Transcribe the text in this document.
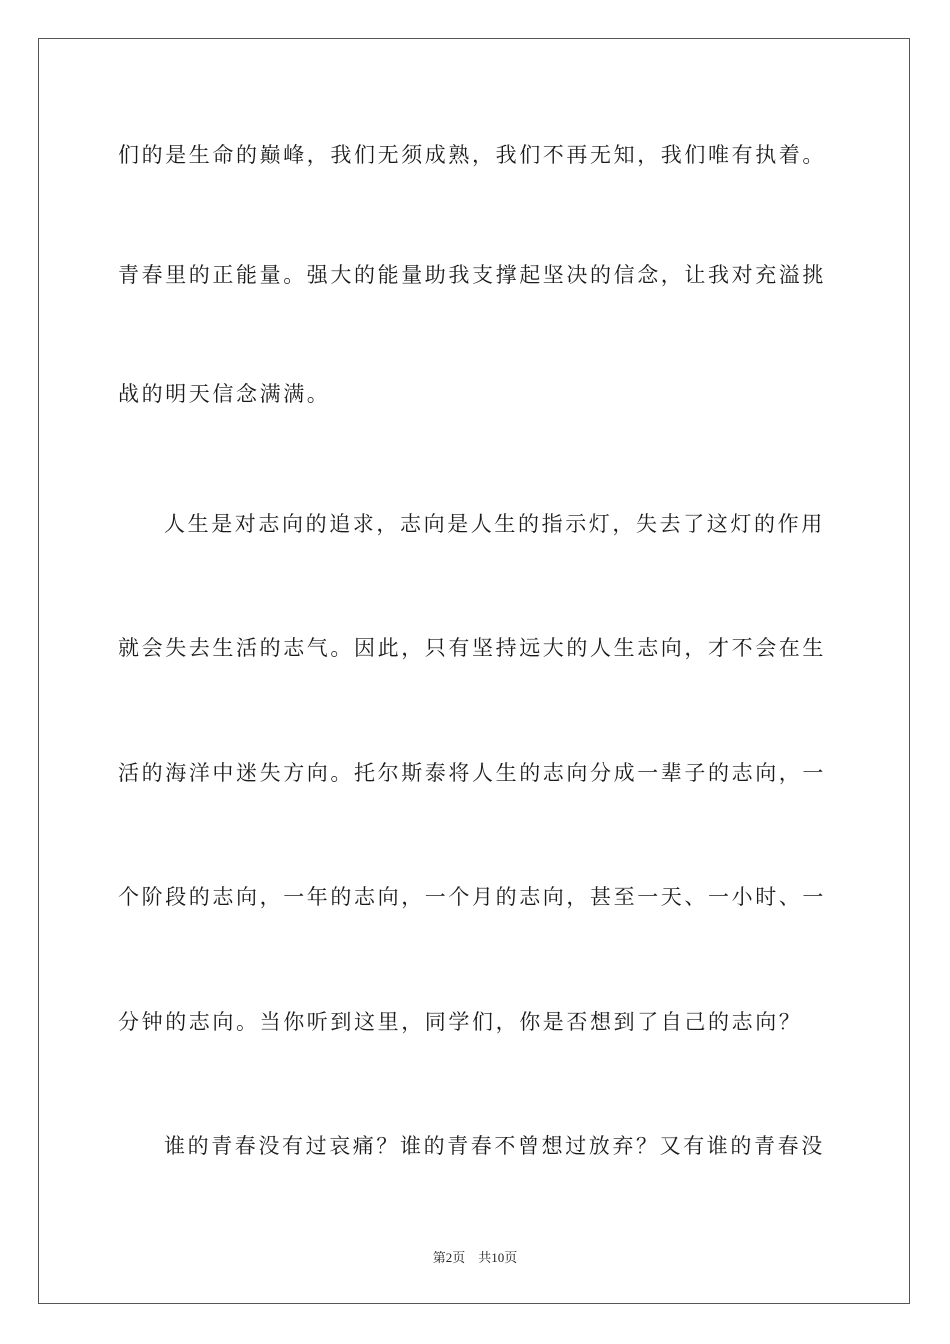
们的是生命的巅峰，我们无须成熟，我们不再无知，我们唯有执着。
青春里的正能量。强大的能量助我支撑起坚决的信念，让我对充溢挑
战的明天信念满满。
人生是对志向的追求，志向是人生的指示灯，失去了这灯的作用
就会失去生活的志气。因此，只有坚持远大的人生志向，才不会在生
活的海洋中迷失方向。托尔斯泰将人生的志向分成一辈子的志向，一
个阶段的志向，一年的志向，一个月的志向，甚至一天、一小时、一
分钟的志向。当你听到这里，同学们，你是否想到了自己的志向？
谁的青春没有过哀痛？谁的青春不曾想过放弃？又有谁的青春没
第2页    共10页
